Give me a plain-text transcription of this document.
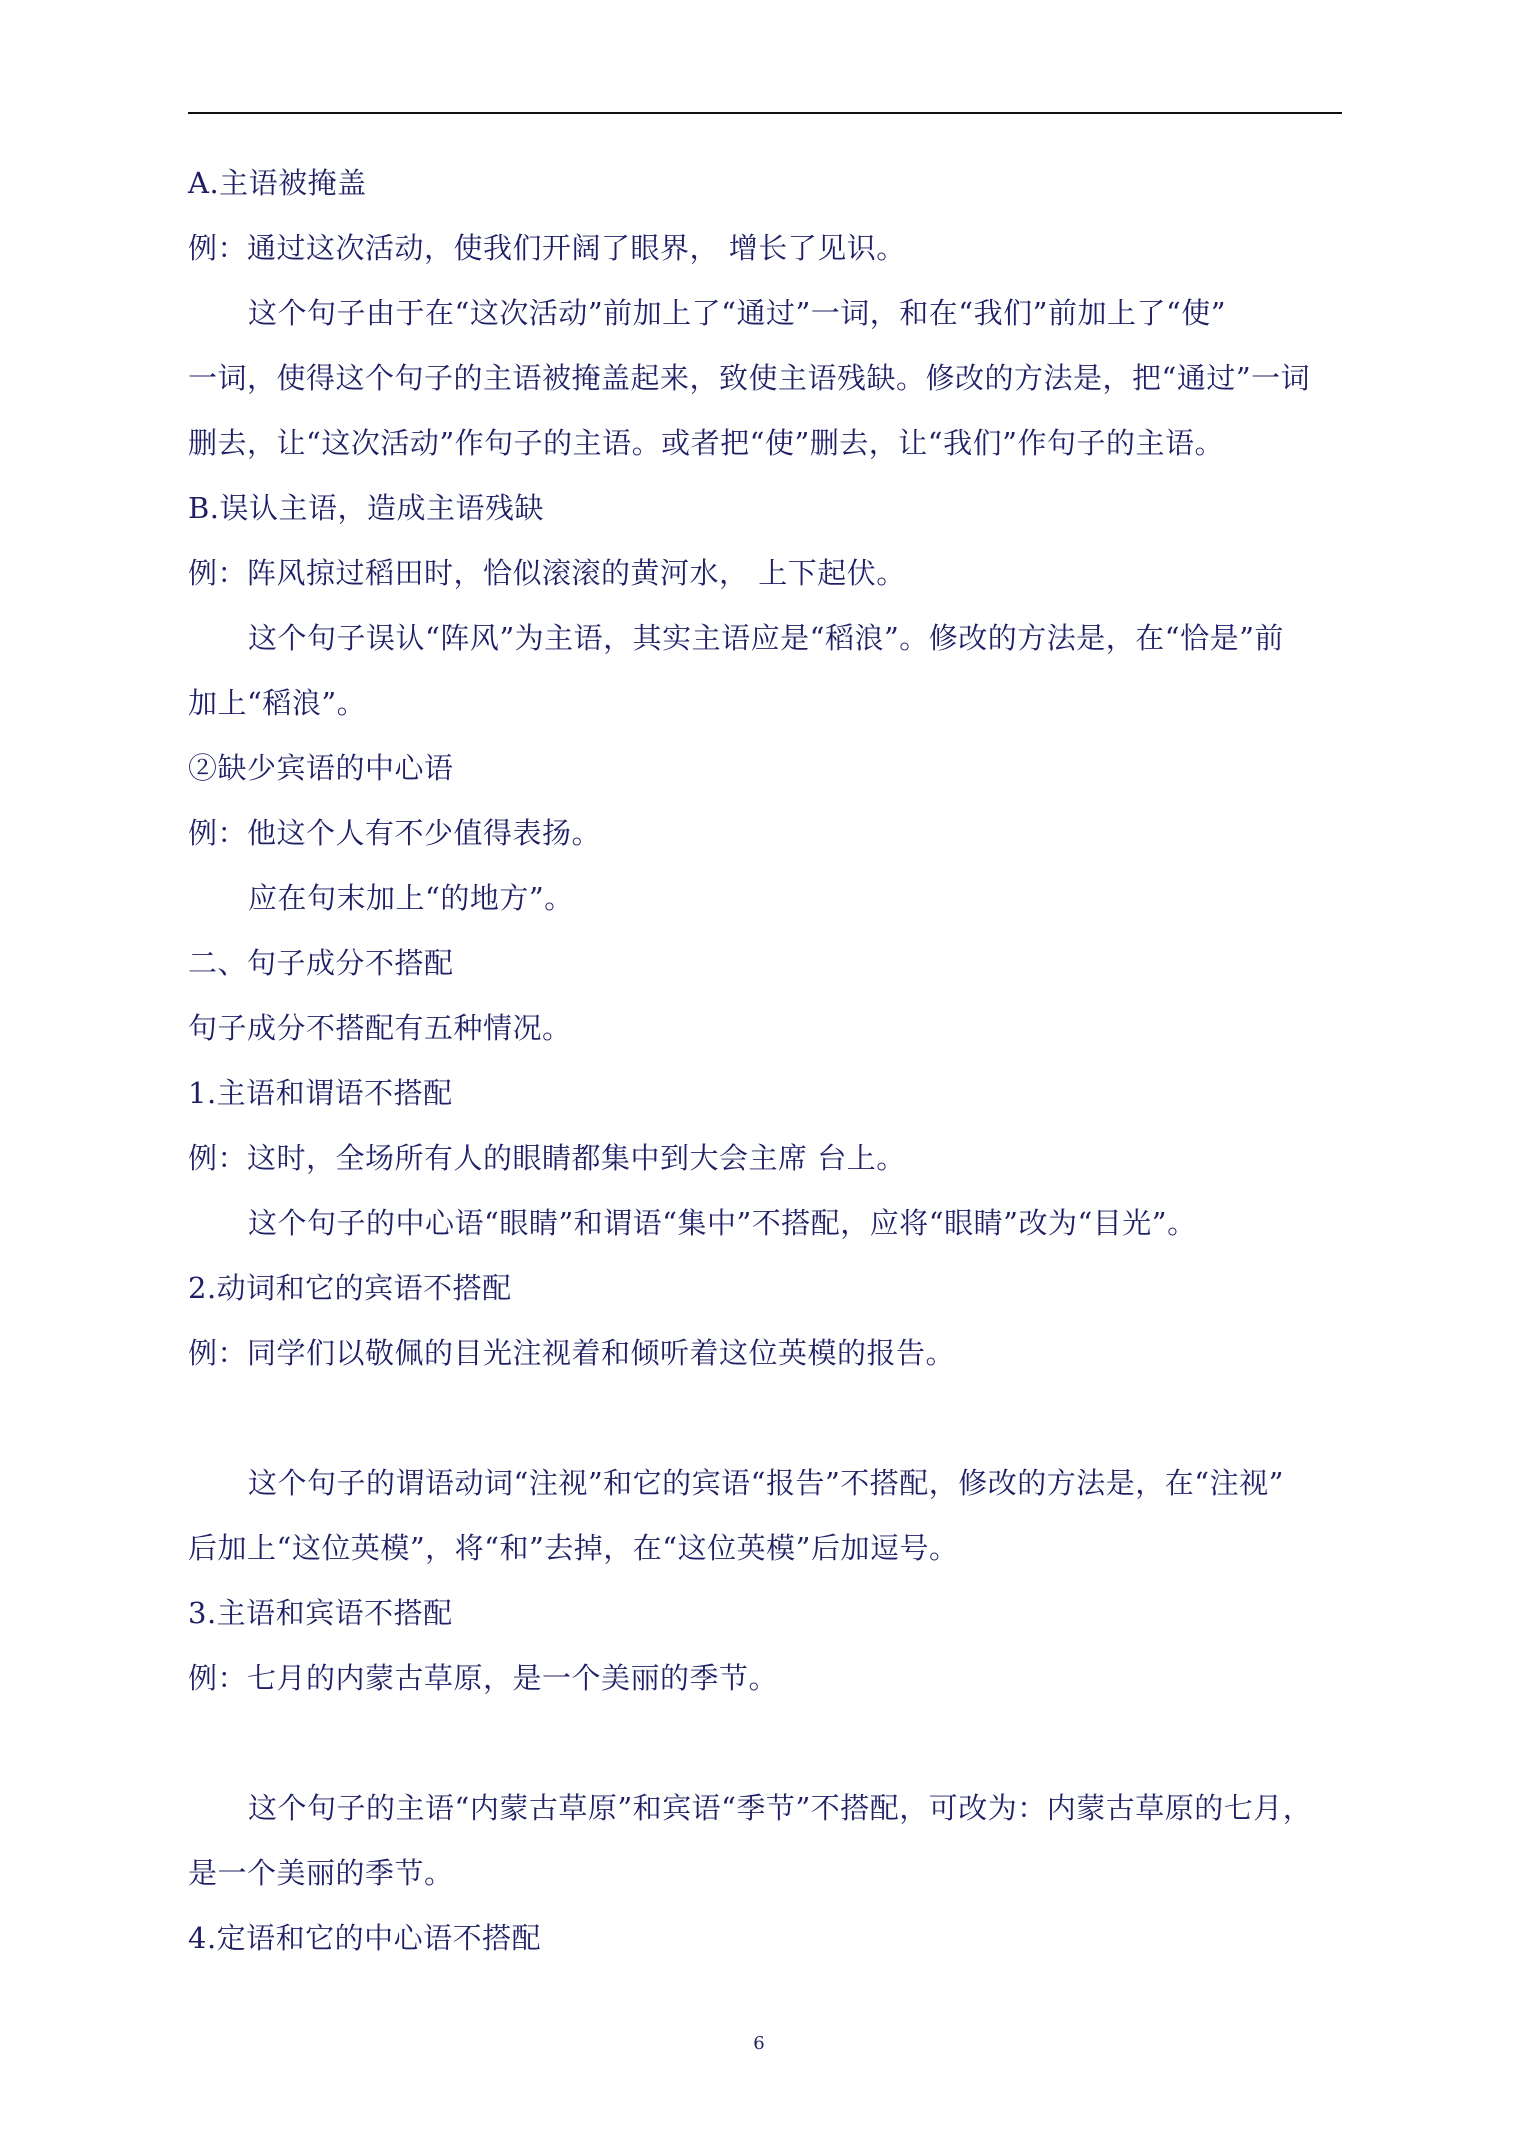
A.主语被掩盖
例：通过这次活动，使我们开阔了眼界， 增长了见识。
这个句子由于在“这次活动”前加上了“通过”一词，和在“我们”前加上了“使”
一词，使得这个句子的主语被掩盖起来，致使主语残缺。修改的方法是，把“通过”一词
删去，让“这次活动”作句子的主语。或者把“使”删去，让“我们”作句子的主语。
B.误认主语，造成主语残缺
例：阵风掠过稻田时，恰似滚滚的黄河水， 上下起伏。
这个句子误认“阵风”为主语，其实主语应是“稻浪”。修改的方法是，在“恰是”前
加上“稻浪”。
②缺少宾语的中心语
例：他这个人有不少值得表扬。
应在句末加上“的地方”。
二、句子成分不搭配
句子成分不搭配有五种情况。
1.主语和谓语不搭配
例：这时，全场所有人的眼睛都集中到大会主席 台上。
这个句子的中心语“眼睛”和谓语“集中”不搭配，应将“眼睛”改为“目光”。
2.动词和它的宾语不搭配
例：同学们以敬佩的目光注视着和倾听着这位英模的报告。
这个句子的谓语动词“注视”和它的宾语“报告”不搭配，修改的方法是，在“注视”
后加上“这位英模”，将“和”去掉，在“这位英模”后加逗号。
3.主语和宾语不搭配
例：七月的内蒙古草原，是一个美丽的季节。
这个句子的主语“内蒙古草原”和宾语“季节”不搭配，可改为：内蒙古草原的七月，
是一个美丽的季节。
4.定语和它的中心语不搭配
6
